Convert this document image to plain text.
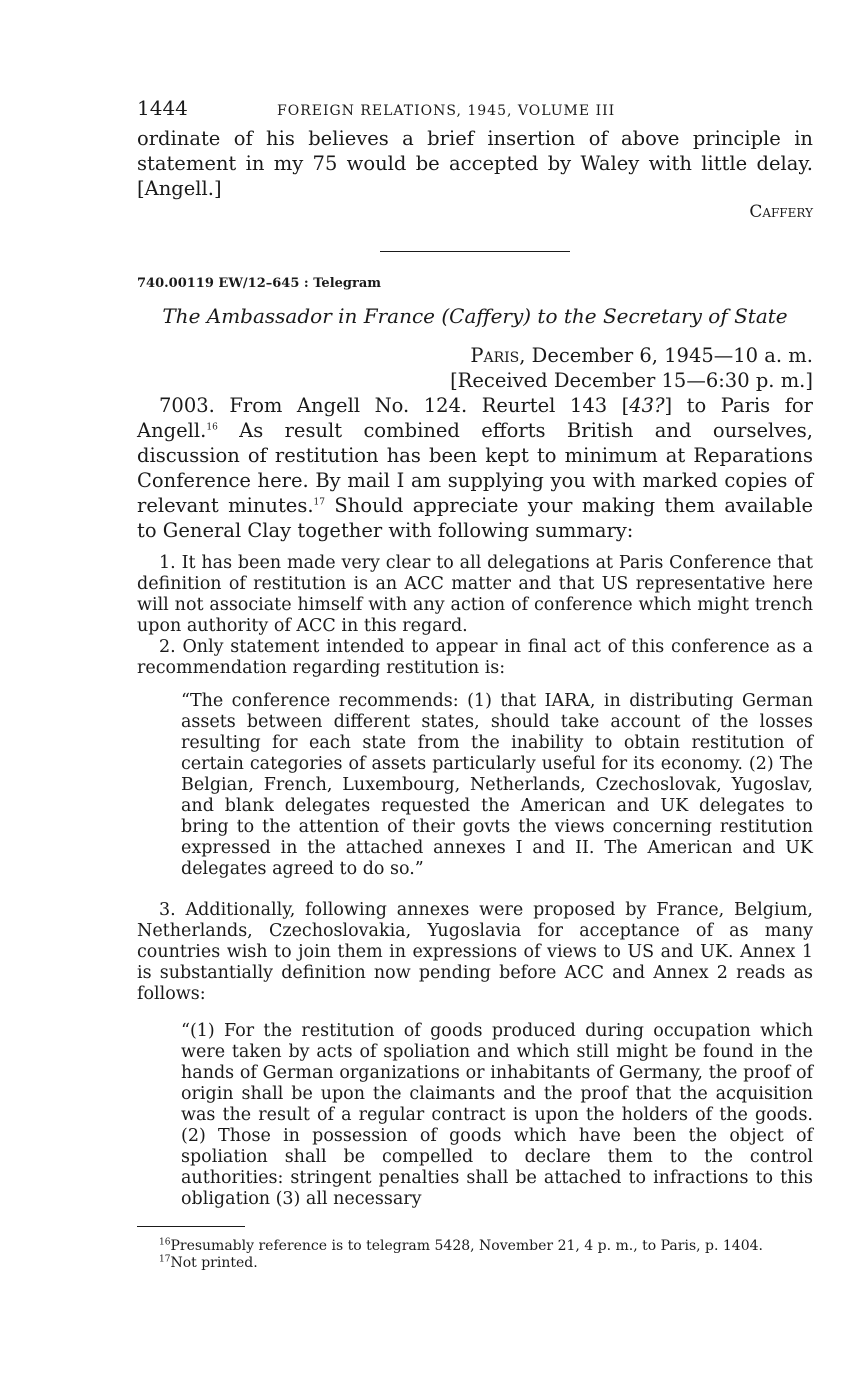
1444	FOREIGN RELATIONS, 1945, VOLUME III

ordinate of his believes a brief insertion of above principle in statement in my 75 would be accepted by Waley with little delay. [Angell.]

Caffery

740.00119 EW/12–645 : Telegram

The Ambassador in France (Caffery) to the Secretary of State

Paris, December 6, 1945—10 a. m.
[Received December 15—6:30 p. m.]

7003. From Angell No. 124. Reurtel 143 [43?] to Paris for Angell.$^{16}$ As result combined efforts British and ourselves, discussion of restitution has been kept to minimum at Reparations Conference here. By mail I am supplying you with marked copies of relevant minutes.$^{17}$ Should appreciate your making them available to General Clay together with following summary:

1. It has been made very clear to all delegations at Paris Conference that definition of restitution is an ACC matter and that US representative here will not associate himself with any action of conference which might trench upon authority of ACC in this regard.

2. Only statement intended to appear in final act of this conference as a recommendation regarding restitution is:

“The conference recommends: (1) that IARA, in distributing German assets between different states, should take account of the losses resulting for each state from the inability to obtain restitution of certain categories of assets particularly useful for its economy. (2) The Belgian, French, Luxembourg, Netherlands, Czechoslovak, Yugoslav, and blank delegates requested the American and UK delegates to bring to the attention of their govts the views concerning restitution expressed in the attached annexes I and II. The American and UK delegates agreed to do so.”

3. Additionally, following annexes were proposed by France, Belgium, Netherlands, Czechoslovakia, Yugoslavia for acceptance of as many countries wish to join them in expressions of views to US and UK. Annex 1 is substantially definition now pending before ACC and Annex 2 reads as follows:

“(1) For the restitution of goods produced during occupation which were taken by acts of spoliation and which still might be found in the hands of German organizations or inhabitants of Germany, the proof of origin shall be upon the claimants and the proof that the acquisition was the result of a regular contract is upon the holders of the goods. (2) Those in possession of goods which have been the object of spoliation shall be compelled to declare them to the control authorities: stringent penalties shall be attached to infractions to this obligation (3) all necessary

$^{16}$Presumably reference is to telegram 5428, November 21, 4 p. m., to Paris, p. 1404.

$^{17}$Not printed.
